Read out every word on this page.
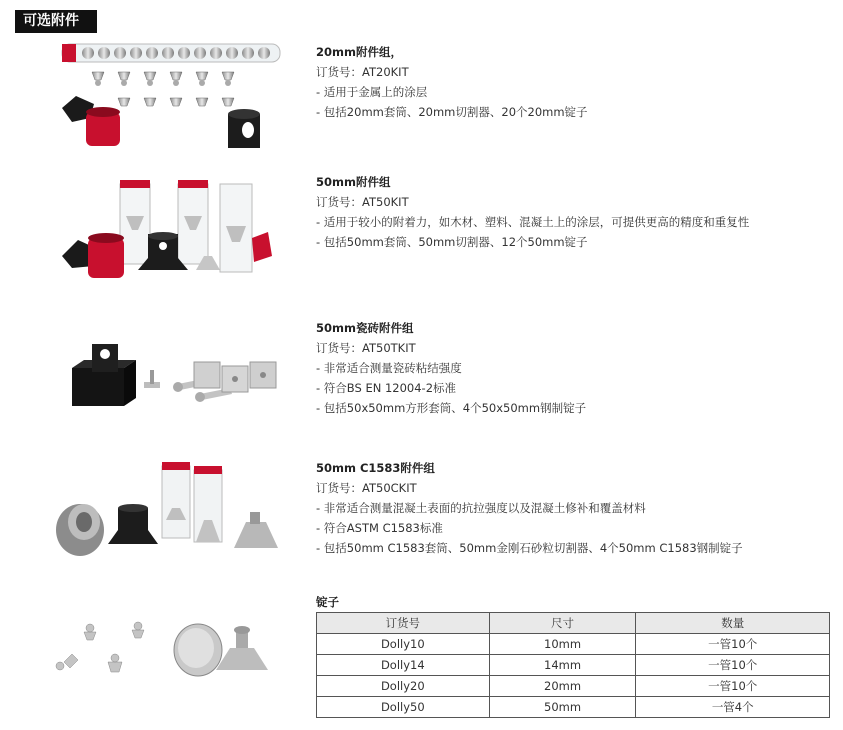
可选附件
20mm附件组，
订货号：AT20KIT
- 适用于金属上的涂层
- 包括20mm套筒、20mm切割器、20个20mm锭子
50mm附件组
订货号：AT50KIT
- 适用于较小的附着力，如木材、塑料、混凝土上的涂层，可提供更高的精度和重复性
- 包括50mm套筒、50mm切割器、12个50mm锭子
50mm瓷砖附件组
订货号：AT50TKIT
- 非常适合测量瓷砖粘结强度
- 符合BS EN 12004-2标准
- 包括50x50mm方形套筒、4个50x50mm钢制锭子
50mm C1583附件组
订货号：AT50CKIT
- 非常适合测量混凝土表面的抗拉强度以及混凝土修补和覆盖材料
- 符合ASTM C1583标准
- 包括50mm C1583套筒、50mm金刚石砂粒切割器、4个50mm C1583钢制锭子
锭子
订货号	尺寸	数量
Dolly10	10mm	一管10个
Dolly14	14mm	一管10个
Dolly20	20mm	一管10个
Dolly50	50mm	一管4个
